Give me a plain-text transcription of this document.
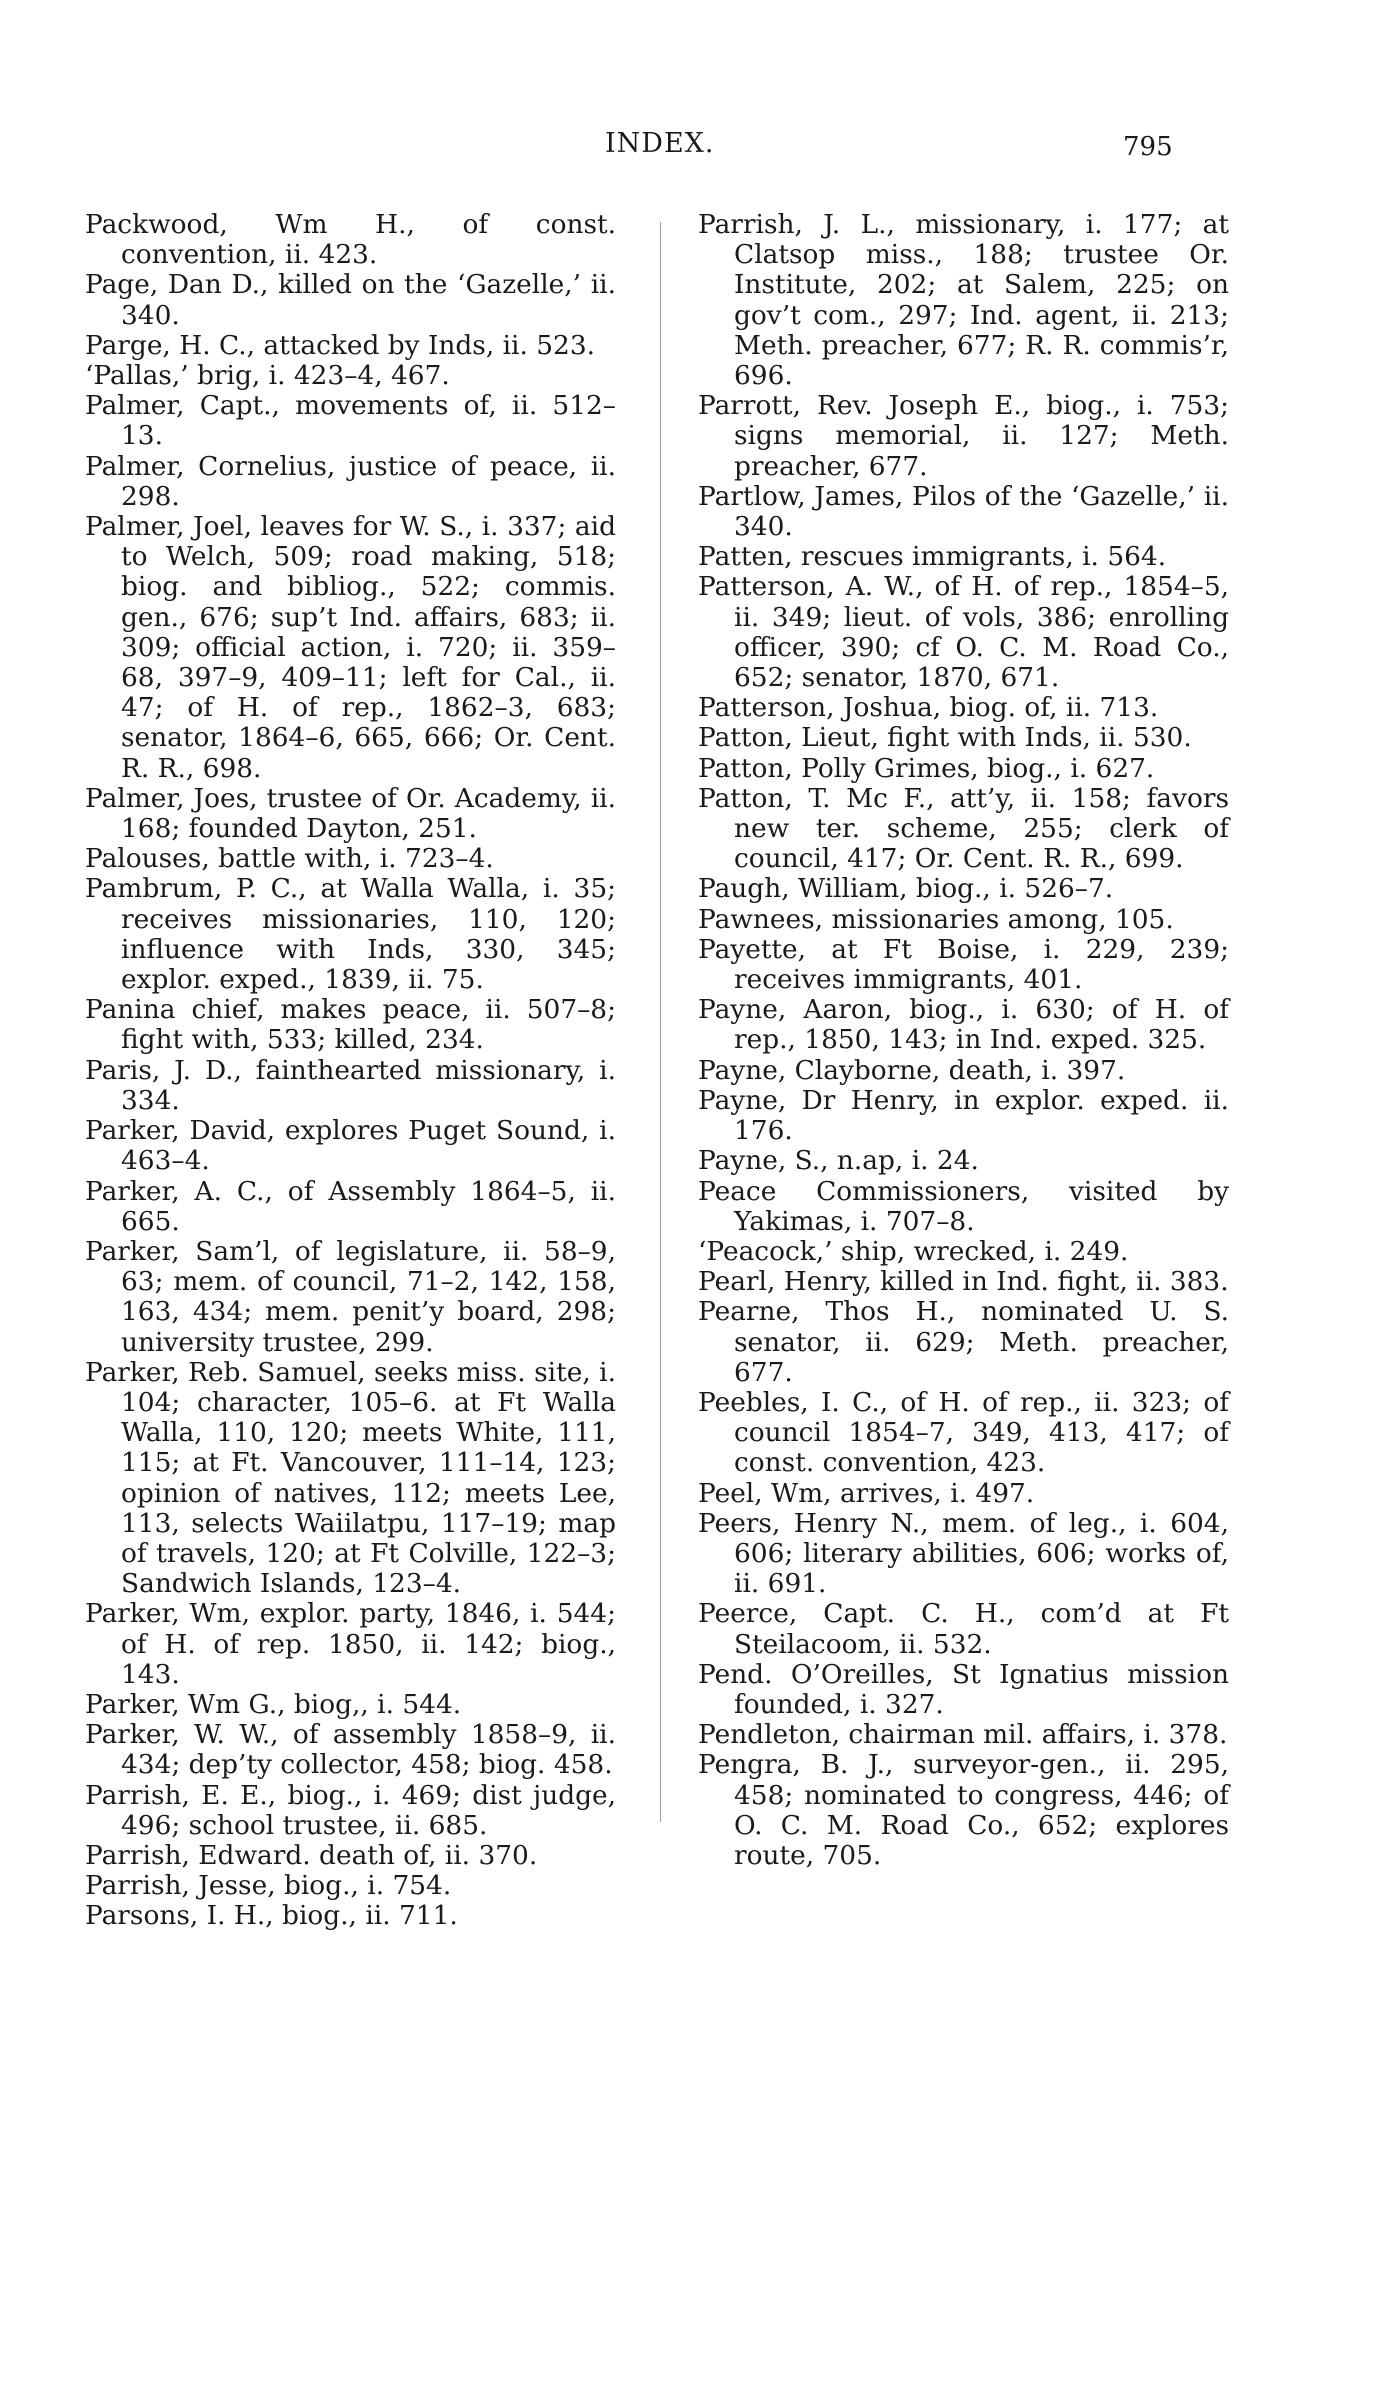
INDEX.	795

Packwood, Wm H., of const. convention, ii. 423.

Page, Dan D., killed on the ‘Gazelle,’ ii. 340.

Parge, H. C., attacked by Inds, ii. 523.

‘Pallas,’ brig, i. 423–4, 467.

Palmer, Capt., movements of, ii. 512–13.

Palmer, Cornelius, justice of peace, ii. 298.

Palmer, Joel, leaves for W. S., i. 337; aid to Welch, 509; road making, 518; biog. and bibliog., 522; commis. gen., 676; sup’t Ind. affairs, 683; ii. 309; official action, i. 720; ii. 359–68, 397–9, 409–11; left for Cal., ii. 47; of H. of rep., 1862–3, 683; senator, 1864–6, 665, 666; Or. Cent. R. R., 698.

Palmer, Joes, trustee of Or. Academy, ii. 168; founded Dayton, 251.

Palouses, battle with, i. 723–4.

Pambrum, P. C., at Walla Walla, i. 35; receives missionaries, 110, 120; influence with Inds, 330, 345; explor. exped., 1839, ii. 75.

Panina chief, makes peace, ii. 507–8; fight with, 533; killed, 234.

Paris, J. D., fainthearted missionary, i. 334.

Parker, David, explores Puget Sound, i. 463–4.

Parker, A. C., of Assembly 1864–5, ii. 665.

Parker, Sam’l, of legislature, ii. 58–9, 63; mem. of council, 71–2, 142, 158, 163, 434; mem. penit’y board, 298; university trustee, 299.

Parker, Reb. Samuel, seeks miss. site, i. 104; character, 105–6. at Ft Walla Walla, 110, 120; meets White, 111, 115; at Ft. Vancouver, 111–14, 123; opinion of natives, 112; meets Lee, 113, selects Waiilatpu, 117–19; map of travels, 120; at Ft Colville, 122–3; Sandwich Islands, 123–4.

Parker, Wm, explor. party, 1846, i. 544; of H. of rep. 1850, ii. 142; biog., 143.

Parker, Wm G., biog,, i. 544.

Parker, W. W., of assembly 1858–9, ii. 434; dep’ty collector, 458; biog. 458.

Parrish, E. E., biog., i. 469; dist judge, 496; school trustee, ii. 685.

Parrish, Edward. death of, ii. 370.

Parrish, Jesse, biog., i. 754.

Parsons, I. H., biog., ii. 711.

Parrish, J. L., missionary, i. 177; at Clatsop miss., 188; trustee Or. Institute, 202; at Salem, 225; on gov’t com., 297; Ind. agent, ii. 213; Meth. preacher, 677; R. R. commis’r, 696.

Parrott, Rev. Joseph E., biog., i. 753; signs memorial, ii. 127; Meth. preacher, 677.

Partlow, James, Pilos of the ‘Gazelle,’ ii. 340.

Patten, rescues immigrants, i. 564.

Patterson, A. W., of H. of rep., 1854–5, ii. 349; lieut. of vols, 386; enrolling officer, 390; cf O. C. M. Road Co., 652; senator, 1870, 671.

Patterson, Joshua, biog. of, ii. 713.

Patton, Lieut, fight with Inds, ii. 530.

Patton, Polly Grimes, biog., i. 627.

Patton, T. Mc F., att’y, ii. 158; favors new ter. scheme, 255; clerk of council, 417; Or. Cent. R. R., 699.

Paugh, William, biog., i. 526–7.

Pawnees, missionaries among, 105.

Payette, at Ft Boise, i. 229, 239; receives immigrants, 401.

Payne, Aaron, biog., i. 630; of H. of rep., 1850, 143; in Ind. exped. 325.

Payne, Clayborne, death, i. 397.

Payne, Dr Henry, in explor. exped. ii. 176.

Payne, S., n.ap, i. 24.

Peace Commissioners, visited by Yakimas, i. 707–8.

‘Peacock,’ ship, wrecked, i. 249.

Pearl, Henry, killed in Ind. fight, ii. 383.

Pearne, Thos H., nominated U. S. senator, ii. 629; Meth. preacher, 677.

Peebles, I. C., of H. of rep., ii. 323; of council 1854–7, 349, 413, 417; of const. convention, 423.

Peel, Wm, arrives, i. 497.

Peers, Henry N., mem. of leg., i. 604, 606; literary abilities, 606; works of, ii. 691.

Peerce, Capt. C. H., com’d at Ft Steilacoom, ii. 532.

Pend. O’Oreilles, St Ignatius mission founded, i. 327.

Pendleton, chairman mil. affairs, i. 378.

Pengra, B. J., surveyor-gen., ii. 295, 458; nominated to congress, 446; of O. C. M. Road Co., 652; explores route, 705.
